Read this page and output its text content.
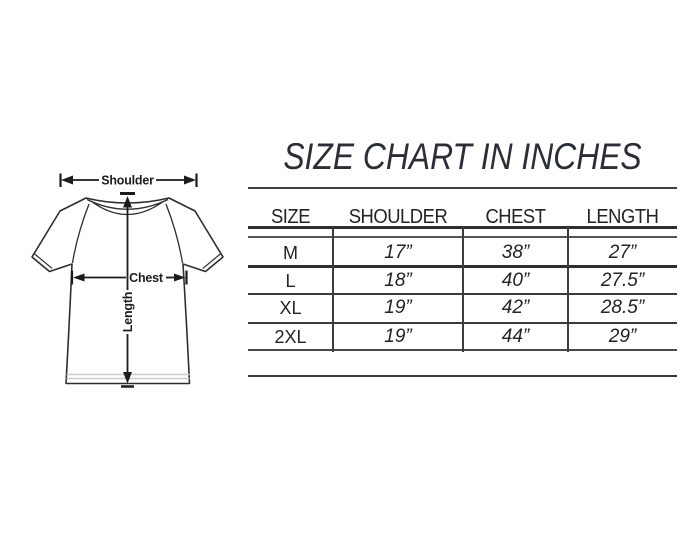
Shoulder
Length
Chest
SIZE CHART IN INCHES
SIZE	SHOULDER	CHEST	LENGTH
M	17”	38”	27”
L	18”	40”	27.5”
XL	19”	42”	28.5”
2XL	19”	44”	29”
